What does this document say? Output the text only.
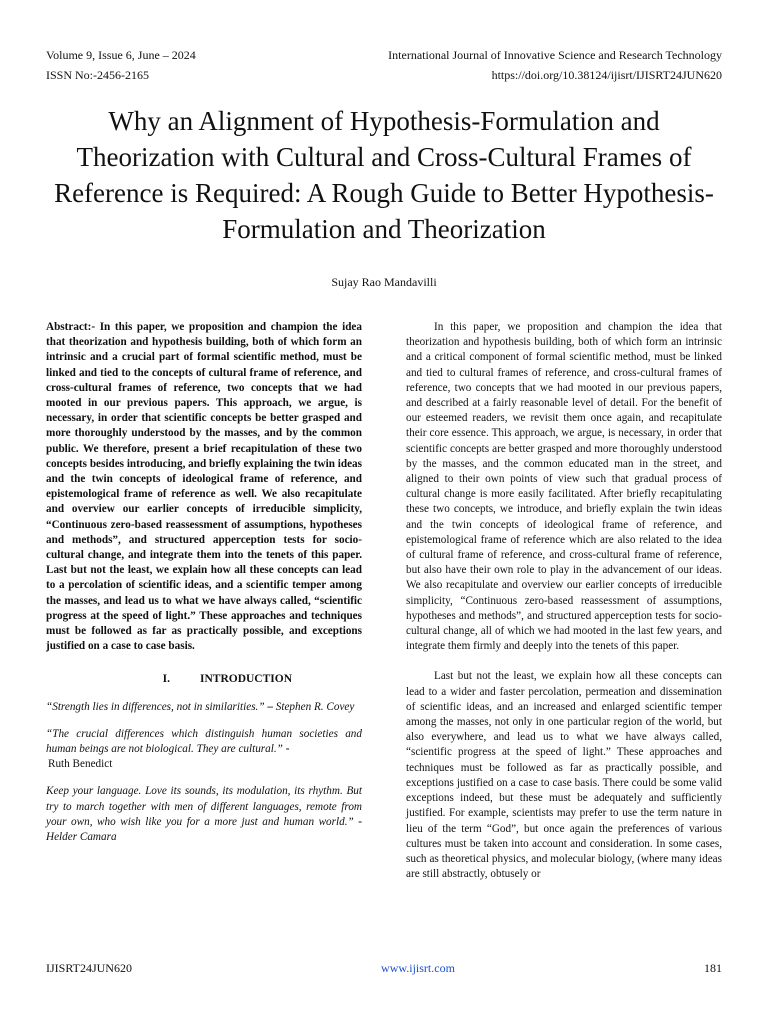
Volume 9, Issue 6, June – 2024	International Journal of Innovative Science and Research Technology
ISSN No:-2456-2165	https://doi.org/10.38124/ijisrt/IJISRT24JUN620
Why an Alignment of Hypothesis-Formulation and Theorization with Cultural and Cross-Cultural Frames of Reference is Required: A Rough Guide to Better Hypothesis-Formulation and Theorization
Sujay Rao Mandavilli

Abstract:- In this paper, we proposition and champion the idea that theorization and hypothesis building, both of which form an intrinsic and a crucial part of formal scientific method, must be linked and tied to the concepts of cultural frame of reference, and cross-cultural frames of reference, two concepts that we had mooted in our previous papers. This approach, we argue, is necessary, in order that scientific concepts be better grasped and more thoroughly understood by the masses, and by the common public. We therefore, present a brief recapitulation of these two concepts besides introducing, and briefly explaining the twin ideas and the twin concepts of ideological frame of reference, and epistemological frame of reference as well. We also recapitulate and overview our earlier concepts of irreducible simplicity, “Continuous zero-based reassessment of assumptions, hypotheses and methods”, and structured apperception tests for socio-cultural change, and integrate them into the tenets of this paper. Last but not the least, we explain how all these concepts can lead to a percolation of scientific ideas, and a scientific temper among the masses, and lead us to what we have always called, “scientific progress at the speed of light.” These approaches and techniques must be followed as far as practically possible, and exceptions justified on a case to case basis.

I.	INTRODUCTION

“Strength lies in differences, not in similarities.” – Stephen R. Covey

“The crucial differences which distinguish human societies and human beings are not biological. They are cultural.” -
Ruth Benedict

Keep your language. Love its sounds, its modulation, its rhythm. But try to march together with men of different languages, remote from your own, who wish like you for a more just and human world.” - Helder Camara

In this paper, we proposition and champion the idea that theorization and hypothesis building, both of which form an intrinsic and a critical component of formal scientific method, must be linked and tied to cultural frames of reference, and cross-cultural frames of reference, two concepts that we had mooted in our previous papers, and described at a fairly reasonable level of detail. For the benefit of our esteemed readers, we revisit them once again, and recapitulate their core essence. This approach, we argue, is necessary, in order that scientific concepts are better grasped and more thoroughly understood by the masses, and the common educated man in the street, and aligned to their own points of view such that gradual process of cultural change is more easily facilitated. After briefly recapitulating these two concepts, we introduce, and briefly explain the twin ideas and the twin concepts of ideological frame of reference, and epistemological frame of reference which are also related to the idea of cultural frame of reference, and cross-cultural frame of reference, but also have their own role to play in the advancement of our ideas. We also recapitulate and overview our earlier concepts of irreducible simplicity, “Continuous zero-based reassessment of assumptions, hypotheses and methods”, and structured apperception tests for socio-cultural change, all of which we had mooted in the last few years, and integrate them firmly and deeply into the tenets of this paper.

Last but not the least, we explain how all these concepts can lead to a wider and faster percolation, permeation and dissemination of scientific ideas, and an increased and enlarged scientific temper among the masses, not only in one particular region of the world, but also everywhere, and lead us to what we have always called, “scientific progress at the speed of light.” These approaches and techniques must be followed as far as practically possible, and exceptions justified on a case to case basis. There could be some valid exceptions indeed, but these must be adequately and sufficiently justified. For example, scientists may prefer to use the term nature in lieu of the term “God”, but once again the preferences of various cultures must be taken into account and consideration. In some cases, such as theoretical physics, and molecular biology, (where many ideas are still abstractly, obtusely or

IJISRT24JUN620	www.ijisrt.com	181
